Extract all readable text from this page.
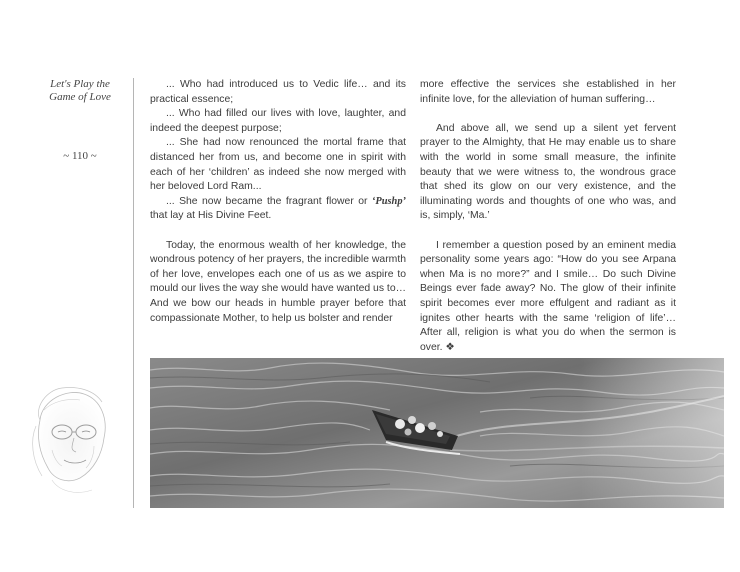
Let's Play the
Game of Love
~ 110 ~

... Who had introduced us to Vedic life… and its practical essence;

... Who had filled our lives with love, laughter, and indeed the deepest purpose;

... She had now renounced the mortal frame that distanced her from us, and become one in spirit with each of her ‘children’ as indeed she now merged with her beloved Lord Ram...

... She now became the fragrant flower or ‘Pushp’ that lay at His Divine Feet.

Today, the enormous wealth of her knowledge, the wondrous potency of her prayers, the incredible warmth of her love, envelopes each one of us as we aspire to mould our lives the way she would have wanted us to… And we bow our heads in humble prayer before that compassionate Mother, to help us bolster and render

more effective the services she established in her infinite love, for the alleviation of human suffering…

And above all, we send up a silent yet fervent prayer to the Almighty, that He may enable us to share with the world in some small measure, the infinite beauty that we were witness to, the wondrous grace that shed its glow on our very existence, and the illuminating words and thoughts of one who was, and is, simply, ‘Ma.’

I remember a question posed by an eminent media personality some years ago: “How do you see Arpana when Ma is no more?” and I smile… Do such Divine Beings ever fade away? No. The glow of their infinite spirit becomes ever more effulgent and radiant as it ignites other hearts with the same ‘religion of life’… After all, religion is what you do when the sermon is over. ❖
